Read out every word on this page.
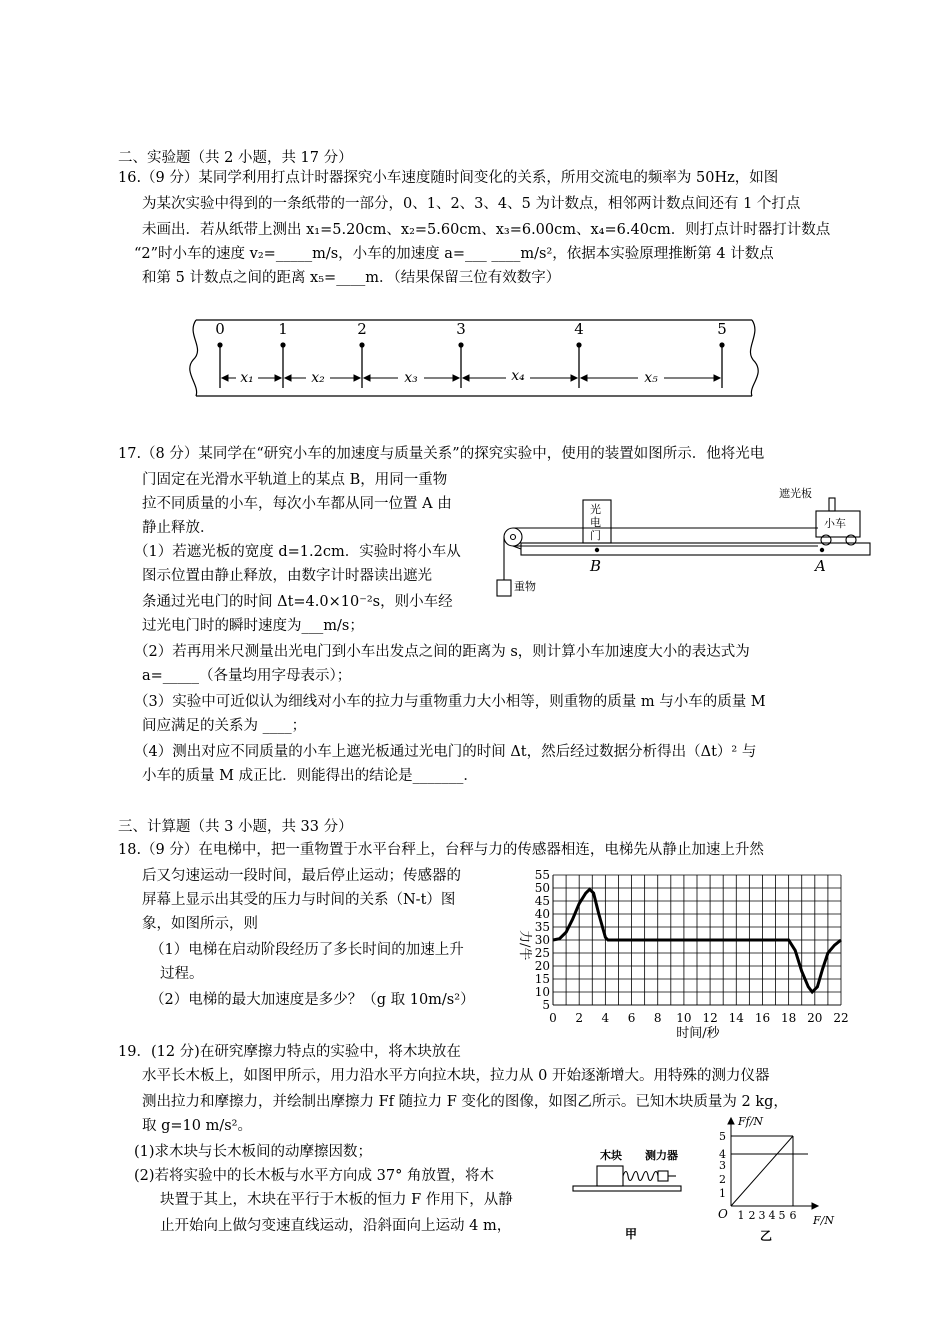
二、实验题（共 2 小题，共 17 分）
16.（9 分）某同学利用打点计时器探究小车速度随时间变化的关系，所用交流电的频率为 50Hz，如图
为某次实验中得到的一条纸带的一部分，0、1、2、3、4、5 为计数点，相邻两计数点间还有 1 个打点
未画出．若从纸带上测出 x₁=5.20cm、x₂=5.60cm、x₃=6.00cm、x₄=6.40cm．则打点计时器打计数点
“2”时小车的速度 v₂=_____m/s，小车的加速度 a=___ ____m/s²，依据本实验原理推断第 4 计数点
和第 5 计数点之间的距离 x₅=____m．（结果保留三位有效数字）
0	1	2	3	4	5
x₁	x₂	x₃	x₄	x₅
17.（8 分）某同学在“研究小车的加速度与质量关系”的探究实验中，使用的装置如图所示．他将光电
门固定在光滑水平轨道上的某点 B，用同一重物
拉不同质量的小车，每次小车都从同一位置 A 由
静止释放．
（1）若遮光板的宽度 d=1.2cm．实验时将小车从
图示位置由静止释放，由数字计时器读出遮光
条通过光电门的时间 Δt=4.0×10⁻²s，则小车经
过光电门时的瞬时速度为___m/s；
（2）若再用米尺测量出光电门到小车出发点之间的距离为 s，则计算小车加速度大小的表达式为
a=_____（各量均用字母表示）；
（3）实验中可近似认为细线对小车的拉力与重物重力大小相等，则重物的质量 m 与小车的质量 M
间应满足的关系为 ____；
（4）测出对应不同质量的小车上遮光板通过光电门的时间 Δt，然后经过数据分析得出（Δt）² 与
小车的质量 M 成正比．则能得出的结论是_______．
遮光板
小车
光
电
门
重物
B	A
三、计算题（共 3 小题，共 33 分）
18.（9 分）在电梯中，把一重物置于水平台秤上，台秤与力的传感器相连，电梯先从静止加速上升然
后又匀速运动一段时间，最后停止运动；传感器的
屏幕上显示出其受的压力与时间的关系（N-t）图
象，如图所示，则
（1）电梯在启动阶段经历了多长时间的加速上升
过程。
（2）电梯的最大加速度是多少？（g 取 10m/s²）	5
10
15
20
25
30
35
40
45
50
55
0 2 4 6 8 10 12 14 16 18 20 22
力/牛
时间/秒
19．(12 分)在研究摩擦力特点的实验中，将木块放在
水平长木板上，如图甲所示，用力沿水平方向拉木块，拉力从 0 开始逐渐增大。用特殊的测力仪器
测出拉力和摩擦力，并绘制出摩擦力 Ff 随拉力 F 变化的图像，如图乙所示。已知木块质量为 2 kg，
取 g=10 m/s²。
(1)求木块与长木板间的动摩擦因数；
(2)若将实验中的长木板与水平方向成 37° 角放置，将木
块置于其上，木块在平行于木板的恒力 F 作用下，从静
止开始向上做匀变速直线运动，沿斜面向上运动 4 m，
木块 测力器
甲
1 2 3 4 5 6
1
2
3
4
5
O
Ff/N
F/N
乙
